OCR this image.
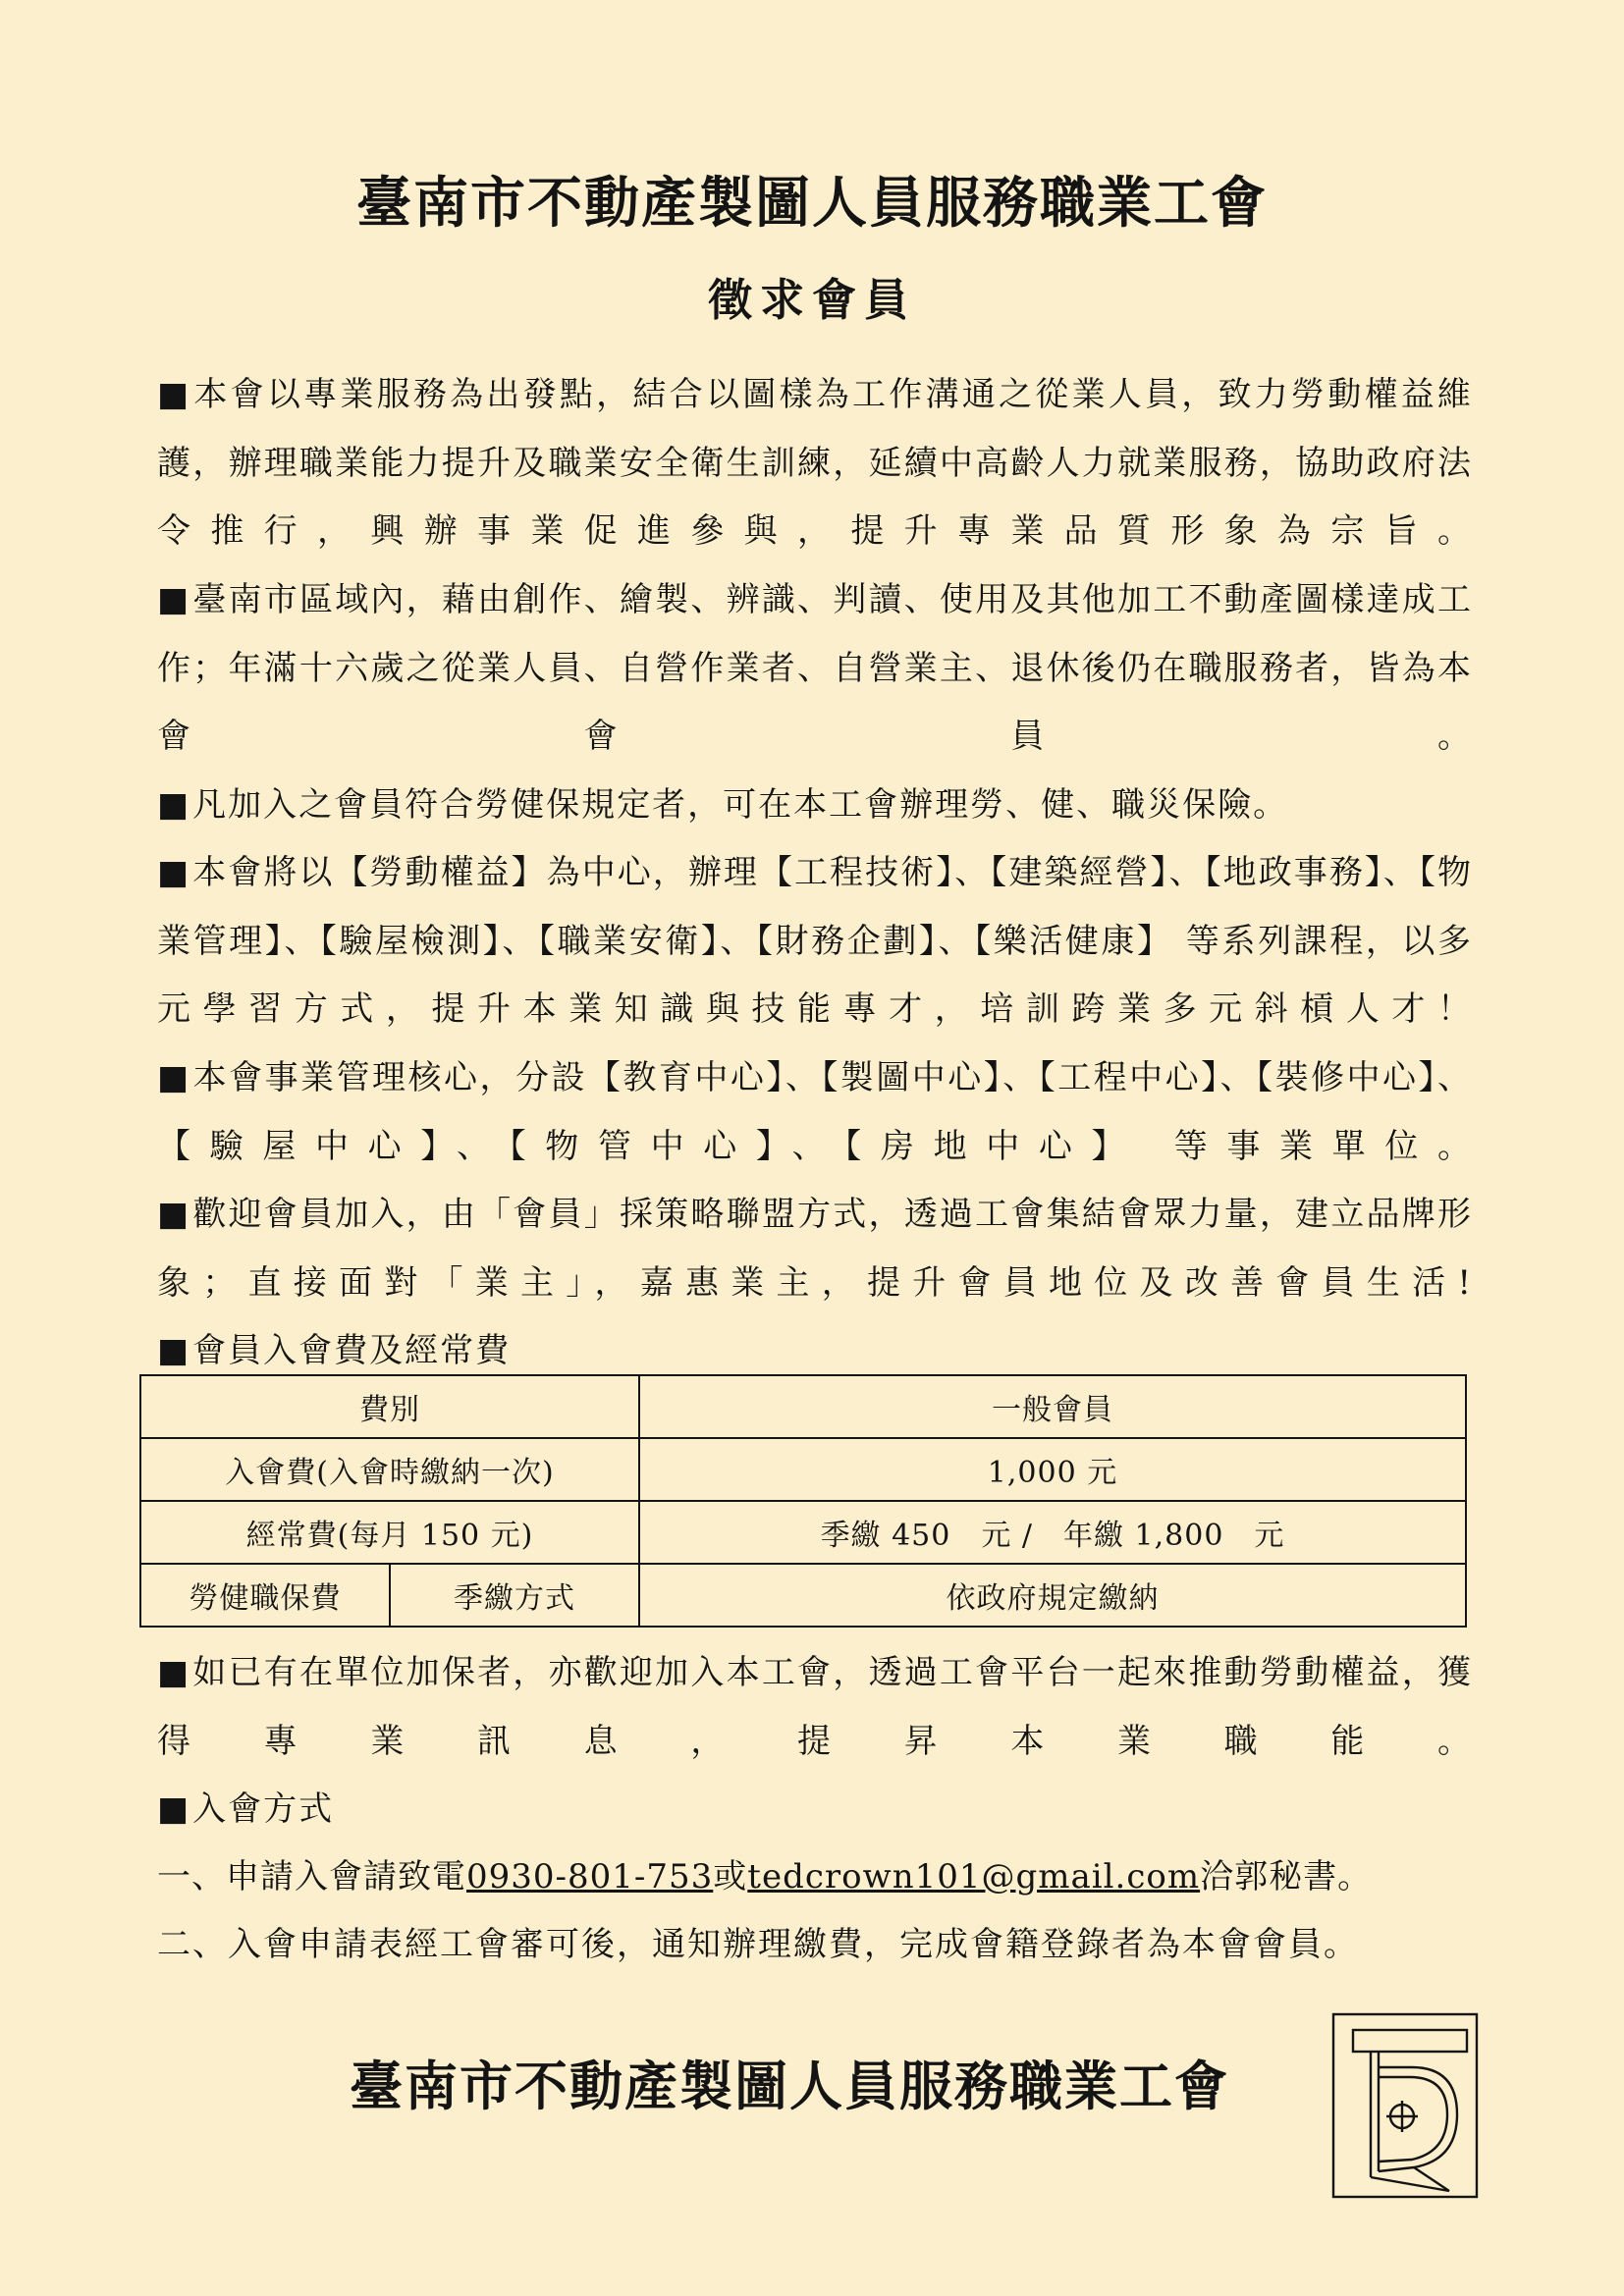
臺南市不動產製圖人員服務職業工會
徵求會員
■本會以專業服務為出發點，結合以圖樣為工作溝通之從業人員，致力勞動權益維護，辦理職業能力提升及職業安全衛生訓練，延續中高齡人力就業服務，協助政府法令推行，興辦事業促進參與，提升專業品質形象為宗旨。
■臺南市區域內，藉由創作、繪製、辨識、判讀、使用及其他加工不動產圖樣達成工作；年滿十六歲之從業人員、自營作業者、自營業主、退休後仍在職服務者，皆為本會會員。
■凡加入之會員符合勞健保規定者，可在本工會辦理勞、健、職災保險。
■本會將以【勞動權益】為中心，辦理【工程技術】、【建築經營】、【地政事務】、【物業管理】、【驗屋檢測】、【職業安衛】、【財務企劃】、【樂活健康】 等系列課程，以多元學習方式，提升本業知識與技能專才，培訓跨業多元斜槓人才！
■本會事業管理核心，分設【教育中心】、【製圖中心】、【工程中心】、【裝修中心】、【驗屋中心】、【物管中心】、【房地中心】 等事業單位。
■歡迎會員加入，由「會員」採策略聯盟方式，透過工會集結會眾力量，建立品牌形象；直接面對「業主」，嘉惠業主，提升會員地位及改善會員生活!
■會員入會費及經常費
費別		一般會員
入會費(入會時繳納一次)		1,000 元
經常費(每月 150 元)		季繳 450　元 /　年繳 1,800　元
勞健職保費	季繳方式	依政府規定繳納
■如已有在單位加保者，亦歡迎加入本工會，透過工會平台一起來推動勞動權益，獲得專業訊息，提昇本業職能。
■入會方式
一、申請入會請致電0930-801-753或tedcrown101@gmail.com洽郭秘書。
二、入會申請表經工會審可後，通知辦理繳費，完成會籍登錄者為本會會員。
臺南市不動產製圖人員服務職業工會
